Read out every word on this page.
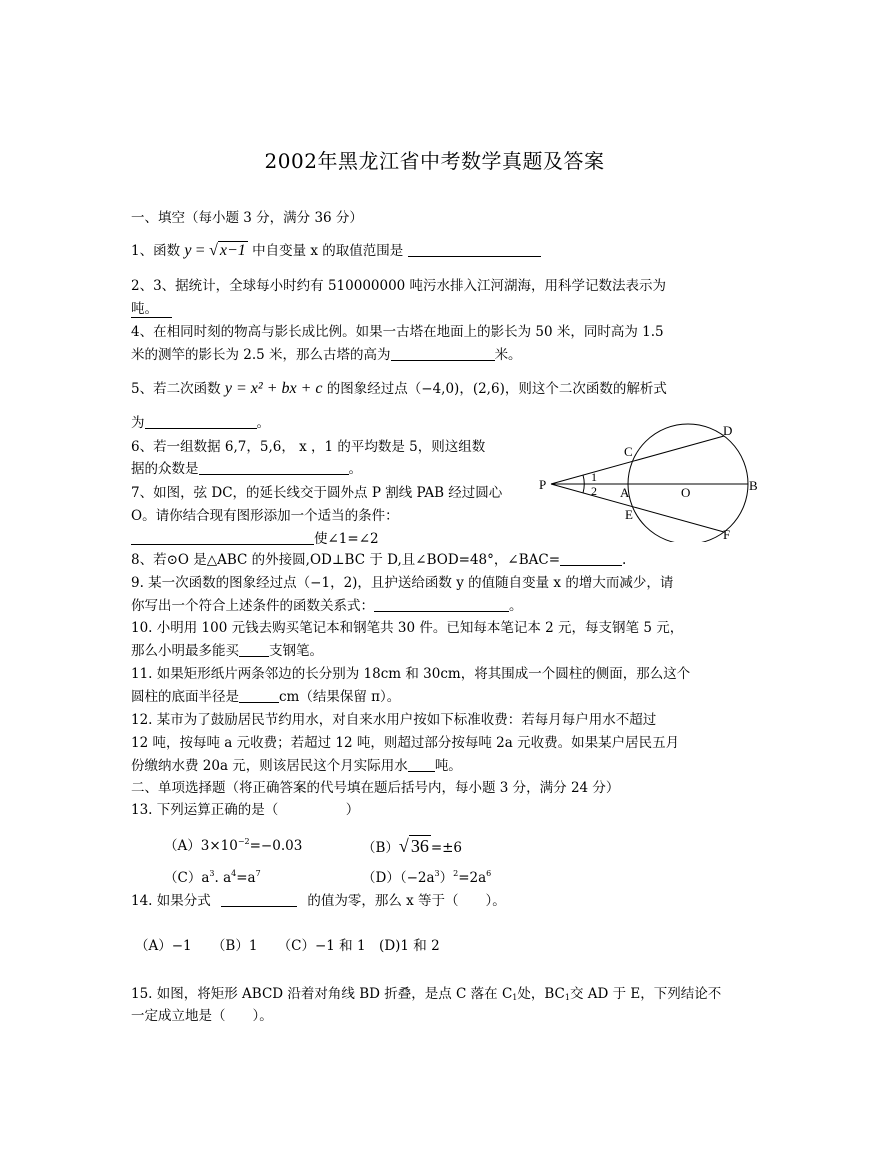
2002年黑龙江省中考数学真题及答案
一、填空（每小题 3 分，满分 36 分）
1、函数 y = √ x−1 中自变量 x 的取值范围是
2、3、据统计，全球每小时约有 510000000 吨污水排入江河湖海，用科学记数法表示为
吨。
4、在相同时刻的物高与影长成比例。如果一古塔在地面上的影长为 50 米，同时高为 1.5
米的测竿的影长为 2.5 米，那么古塔的高为	米。
5、若二次函数 y = x² + bx + c 的图象经过点（−4,0)，(2,6)，则这个二次函数的解析式
为	。
6、若一组数据 6,7，5,6， x ，1 的平均数是 5，则这组数
据的众数是	。
7、如图，弦 DC，的延长线交于圆外点 P 割线 PAB 经过圆心
O。请你结合现有图形添加一个适当的条件：
使∠1=∠2
P	1
2 A	O	B
C
D
E
F
8、若⊙O 是△ABC 的外接圆,OD⊥BC 于 D,且∠BOD=48°，∠BAC=	.
9. 某一次函数的图象经过点（−1，2)，且护送给函数 y 的值随自变量 x 的增大而减少，请
你写出一个符合上述条件的函数关系式：	。
10. 小明用 100 元钱去购买笔记本和钢笔共 30 件。已知每本笔记本 2 元，每支钢笔 5 元，
那么小明最多能买 支钢笔。
11. 如果矩形纸片两条邻边的长分别为 18cm 和 30cm，将其围成一个圆柱的侧面，那么这个
圆柱的底面半径是	cm（结果保留 π）。
12. 某市为了鼓励居民节约用水，对自来水用户按如下标准收费：若每月每户用水不超过
12 吨，按每吨 a 元收费；若超过 12 吨，则超过部分按每吨 2a 元收费。如果某户居民五月
份缴纳水费 20a 元，则该居民这个月实际用水 吨。
二、单项选择题（将正确答案的代号填在题后括号内，每小题 3 分，满分 24 分）
13. 下列运算正确的是（　　　　　）
$(A)3\times 10^{-2}=-0.03$	（B）√ 36 =±6
$(C)a^3$. $a^4=a^7$	$(D)(-2a^3)^2=2a^6$
14. 如果分式	的值为零，那么 x 等于（　　）。
（A）−1　　（B）1　　（C）−1 和 1　(D)1 和 2
15. 如图，将矩形 ABCD 沿着对角线 BD 折叠，是点 C 落在 $C_1$处，$BC_1$交 AD 于 E，下列结论不
一定成立地是（　　）。
